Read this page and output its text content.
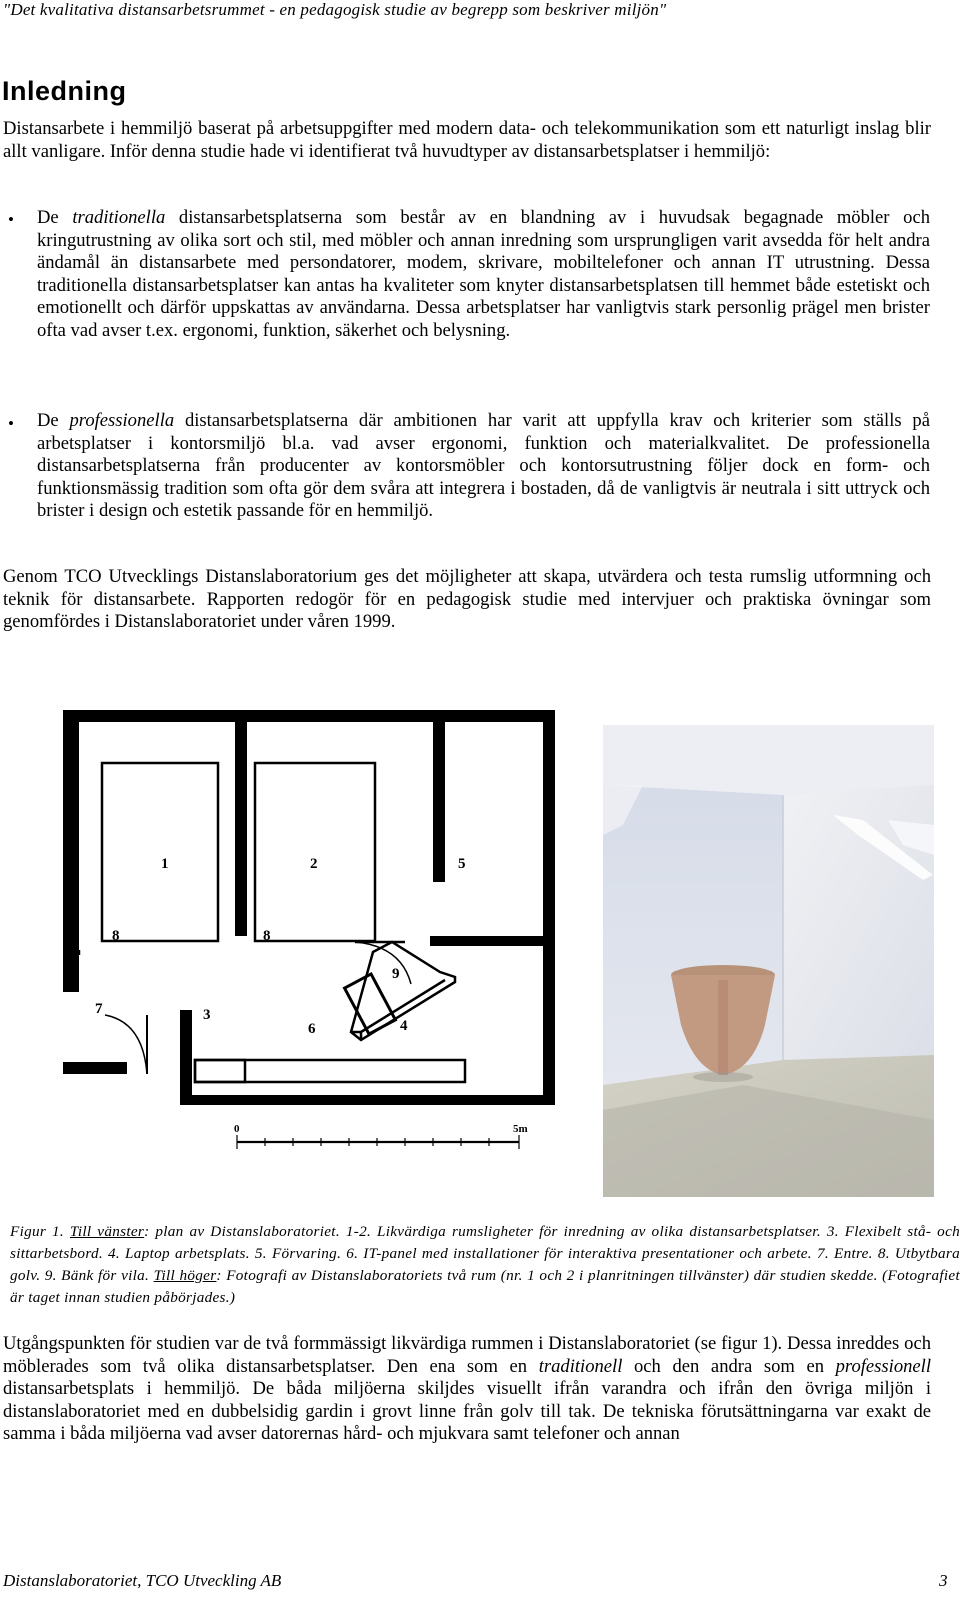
"Det kvalitativa distansarbetsrummet - en pedagogisk studie av begrepp som beskriver miljön"
Inledning
Distansarbete i hemmiljö baserat på arbetsuppgifter med modern data- och telekommunikation som ett naturligt inslag blir allt vanligare. Inför denna studie hade vi identifierat två huvudtyper av distansarbetsplatser i hemmiljö:
• De traditionella distansarbetsplatserna som består av en blandning av i huvudsak begagnade möbler och kringutrustning av olika sort och stil, med möbler och annan inredning som ursprungligen varit avsedda för helt andra ändamål än distansarbete med persondatorer, modem, skrivare, mobiltelefoner och annan IT utrustning. Dessa traditionella distansarbetsplatser kan antas ha kvaliteter som knyter distansarbetsplatsen till hemmet både estetiskt och emotionellt och därför uppskattas av användarna. Dessa arbetsplatser har vanligtvis stark personlig prägel men brister ofta vad avser t.ex. ergonomi, funktion, säkerhet och belysning.
• De professionella distansarbetsplatserna där ambitionen har varit att uppfylla krav och kriterier som ställs på arbetsplatser i kontorsmiljö bl.a. vad avser ergonomi, funktion och materialkvalitet. De professionella distansarbetsplatserna från producenter av kontorsmöbler och kontorsutrustning följer dock en form- och funktionsmässig tradition som ofta gör dem svåra att integrera i bostaden, då de vanligtvis är neutrala i sitt uttryck och brister i design och estetik passande för en hemmiljö.
Genom TCO Utvecklings Distanslaboratorium ges det möjligheter att skapa, utvärdera och testa rumslig utformning och teknik för distansarbete. Rapporten redogör för en pedagogisk studie med intervjuer och praktiska övningar som genomfördes i Distanslaboratoriet under våren 1999.
1	2	5
8	8
9
7	3
6	4
0	5m
Figur 1. Till vänster: plan av Distanslaboratoriet. 1-2. Likvärdiga rumsligheter för inredning av olika distansarbetsplatser. 3. Flexibelt stå- och sittarbetsbord. 4. Laptop arbetsplats. 5. Förvaring. 6. IT-panel med installationer för interaktiva presentationer och arbete. 7. Entre. 8. Utbytbara golv. 9. Bänk för vila. Till höger: Fotografi av Distanslaboratoriets två rum (nr. 1 och 2 i planritningen tillvänster) där studien skedde. (Fotografiet är taget innan studien påbörjades.)
Utgångspunkten för studien var de två formmässigt likvärdiga rummen i Distanslaboratoriet (se figur 1). Dessa inreddes och möblerades som två olika distansarbetsplatser. Den ena som en traditionell och den andra som en professionell distansarbetsplats i hemmiljö. De båda miljöerna skiljdes visuellt ifrån varandra och ifrån den övriga miljön i distanslaboratoriet med en dubbelsidig gardin i grovt linne från golv till tak. De tekniska förutsättningarna var exakt de samma i båda miljöerna vad avser datorernas hård- och mjukvara samt telefoner och annan
Distanslaboratoriet, TCO Utveckling AB	3
